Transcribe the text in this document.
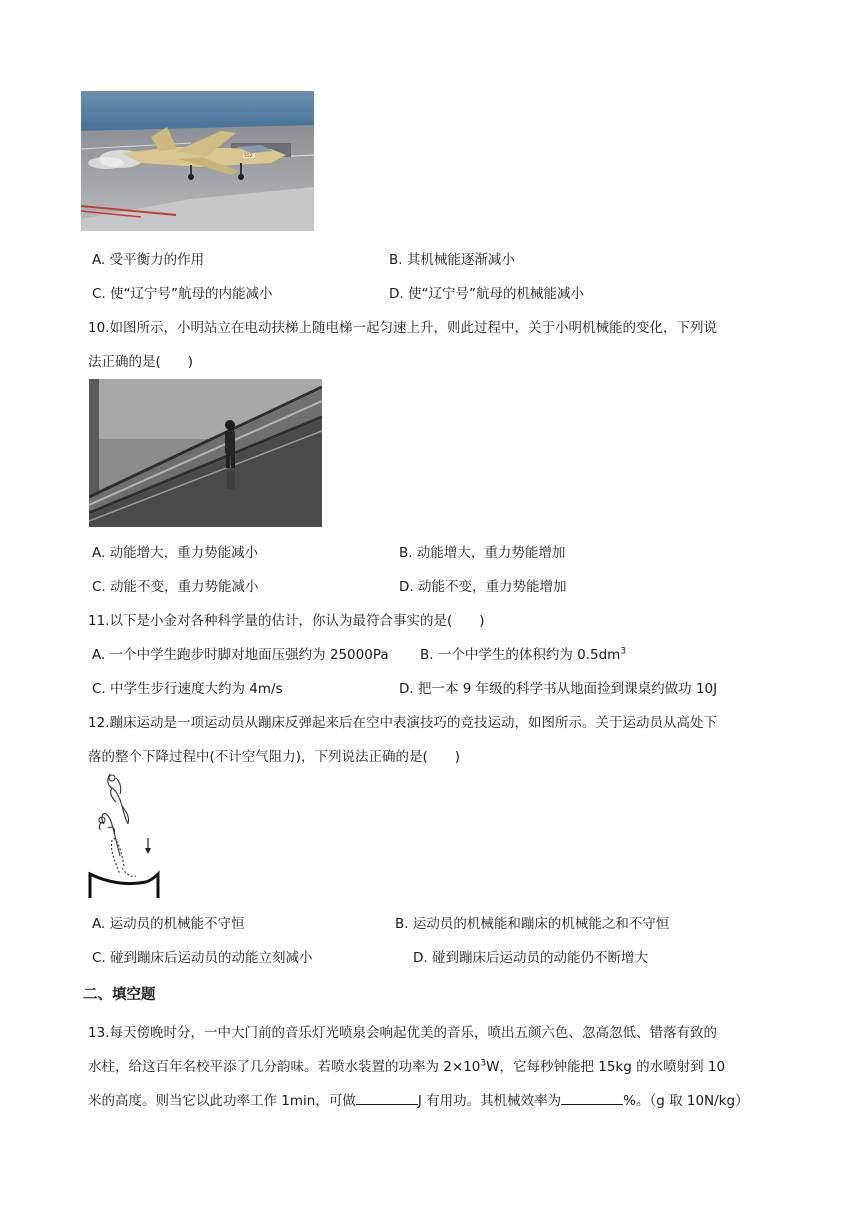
552
A. 受平衡力的作用	B. 其机械能逐渐减小
C. 使“辽宁号”航母的内能减小	D. 使“辽宁号”航母的机械能减小
10.如图所示，小明站立在电动扶梯上随电梯一起匀速上升，则此过程中，关于小明机械能的变化，下列说
法正确的是(  )
A. 动能增大，重力势能减小	B. 动能增大，重力势能增加
C. 动能不变，重力势能减小	D. 动能不变，重力势能增加
11.以下是小金对各种科学量的估计，你认为最符合事实的是(  )
A. 一个中学生跑步时脚对地面压强约为 25000Pa B. 一个中学生的体积约为 $0.5dm^3$
C. 中学生步行速度大约为 4m/s	D. 把一本 9 年级的科学书从地面捡到课桌约做功 10J
12.蹦床运动是一项运动员从蹦床反弹起来后在空中表演技巧的竞技运动，如图所示。关于运动员从高处下
落的整个下降过程中(不计空气阻力)，下列说法正确的是(  )
A. 运动员的机械能不守恒	B. 运动员的机械能和蹦床的机械能之和不守恒
C. 碰到蹦床后运动员的动能立刻减小	D. 碰到蹦床后运动员的动能仍不断增大
二、填空题
13.每天傍晚时分，一中大门前的音乐灯光喷泉会响起优美的音乐，喷出五颜六色、忽高忽低、错落有致的
水柱，给这百年名校平添了几分韵味。若喷水装置的功率为 $2\times 10^3W$，它每秒钟能把 15kg 的水喷射到 10
米的高度。则当它以此功率工作 1min，可做	J 有用功。其机械效率为	%。（g 取 10N/kg）
